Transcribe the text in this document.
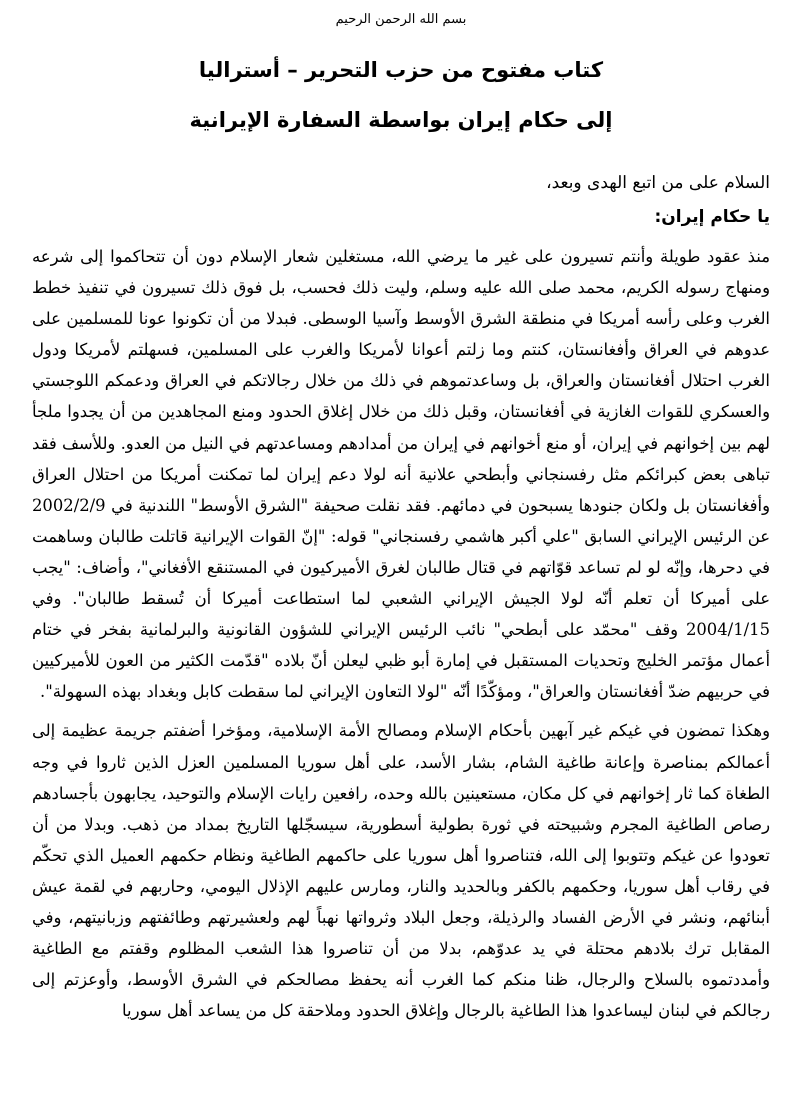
بسم الله الرحمن الرحيم
كتاب مفتوح من حزب التحرير – أستراليا
إلى حكام إيران بواسطة السفارة الإيرانية
السلام على من اتبع الهدى وبعد،
يا حكام إيران:

منذ عقود طويلة وأنتم تسيرون على غير ما يرضي الله، مستغلين شعار الإسلام دون أن تتحاكموا إلى شرعه ومنهاج رسوله الكريم، محمد صلى الله عليه وسلم، وليت ذلك فحسب، بل فوق ذلك تسيرون في تنفيذ خطط الغرب وعلى رأسه أمريكا في منطقة الشرق الأوسط وآسيا الوسطى. فبدلا من أن تكونوا عونا للمسلمين على عدوهم في العراق وأفغانستان، كنتم وما زلتم أعوانا لأمريكا والغرب على المسلمين، فسهلتم لأمريكا ودول الغرب احتلال أفغانستان والعراق، بل وساعدتموهم في ذلك من خلال رجالاتكم في العراق ودعمكم اللوجستي والعسكري للقوات الغازية في أفغانستان، وقبل ذلك من خلال إغلاق الحدود ومنع المجاهدين من أن يجدوا ملجأ لهم بين إخوانهم في إيران، أو منع أخوانهم في إيران من أمدادهم ومساعدتهم في النيل من العدو. وللأسف فقد تباهى بعض كبرائكم مثل رفسنجاني وأبطحي علانية أنه لولا دعم إيران لما تمكنت أمريكا من احتلال العراق وأفغانستان بل ولكان جنودها يسبحون في دمائهم. فقد نقلت صحيفة "الشرق الأوسط" اللندنية في 2002/2/9 عن الرئيس الإيراني السابق "علي أكبر هاشمي رفسنجاني" قوله: "إنّ القوات الإيرانية قاتلت طالبان وساهمت في دحرها، وإنّه لو لم تساعد قوّاتهم في قتال طالبان لغرق الأميركيون في المستنقع الأفغاني"، وأضاف: "يجب على أميركا أن تعلم أنّه لولا الجيش الإيراني الشعبي لما استطاعت أميركا أن تُسقط طالبان". وفي 2004/1/15 وقف "محمّد على أبطحي" نائب الرئيس الإيراني للشؤون القانونية والبرلمانية بفخر في ختام أعمال مؤتمر الخليج وتحديات المستقبل في إمارة أبو ظبي ليعلن أنّ بلاده "قدّمت الكثير من العون للأميركيين في حربيهم ضدّ أفغانستان والعراق"، ومؤكّدًا أنّه "لولا التعاون الإيراني لما سقطت كابل وبغداد بهذه السهولة".

وهكذا تمضون في غيكم غير آبهين بأحكام الإسلام ومصالح الأمة الإسلامية، ومؤخرا أضفتم جريمة عظيمة إلى أعمالكم بمناصرة وإعانة طاغية الشام، بشار الأسد، على أهل سوريا المسلمين العزل الذين ثاروا في وجه الطغاة كما ثار إخوانهم في كل مكان، مستعينين بالله وحده، رافعين رايات الإسلام والتوحيد، يجابهون بأجسادهم رصاص الطاغية المجرم وشبيحته في ثورة بطولية أسطورية، سيسجّلها التاريخ بمداد من ذهب. وبدلا من أن تعودوا عن غيكم وتتوبوا إلى الله، فتناصروا أهل سوريا على حاكمهم الطاغية ونظام حكمهم العميل الذي تحكّم في رقاب أهل سوريا، وحكمهم بالكفر وبالحديد والنار، ومارس عليهم الإذلال اليومي، وحاربهم في لقمة عيش أبنائهم، ونشر في الأرض الفساد والرذيلة، وجعل البلاد وثرواتها نهباً لهم ولعشيرتهم وطائفتهم وزبانيتهم، وفي المقابل ترك بلادهم محتلة في يد عدوّهم، بدلا من أن تناصروا هذا الشعب المظلوم وقفتم مع الطاغية وأمددتموه بالسلاح والرجال، ظنا منكم كما الغرب أنه يحفظ مصالحكم في الشرق الأوسط، وأوعزتم إلى رجالكم في لبنان ليساعدوا هذا الطاغية بالرجال وإغلاق الحدود وملاحقة كل من يساعد أهل سوريا
